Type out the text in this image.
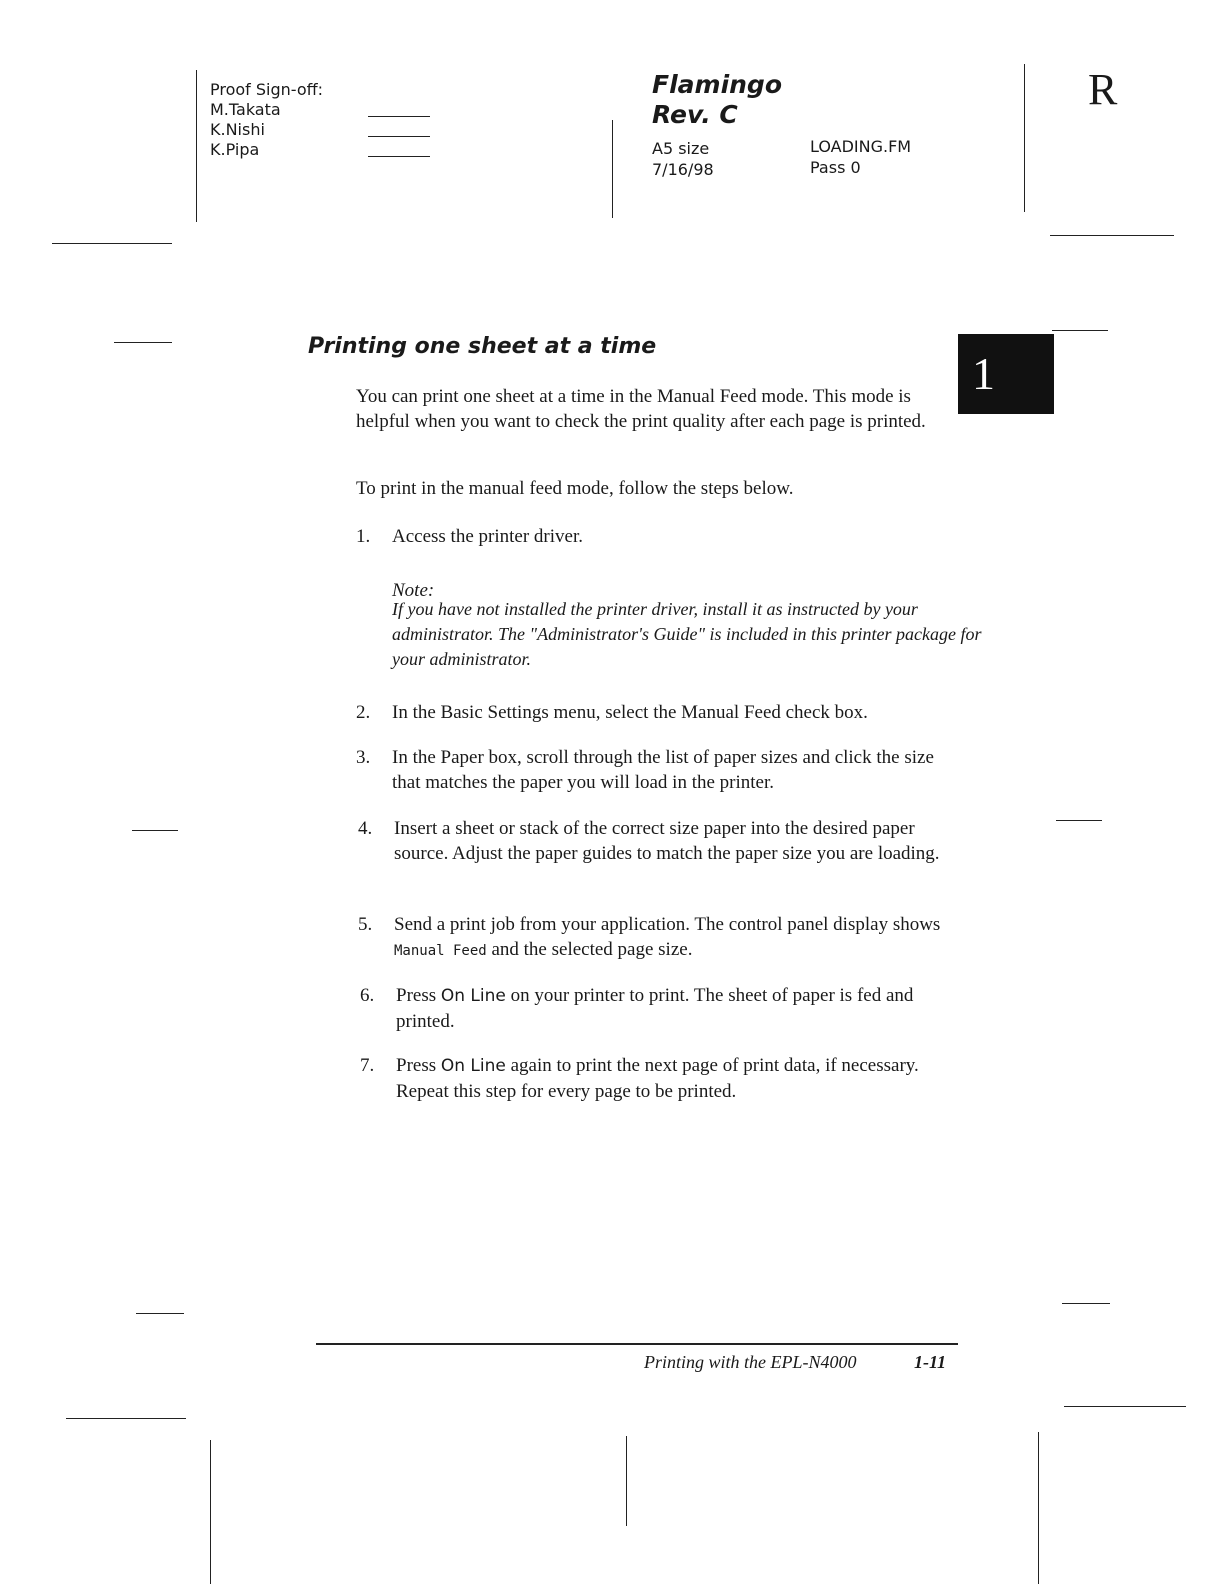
Proof Sign-off:
M.Takata
K.Nishi
K.Pipa
Flamingo
Rev. C
A5 size
7/16/98
LOADING.FM
Pass 0
R
1
Printing one sheet at a time
You can print one sheet at a time in the Manual Feed mode. This mode is helpful when you want to check the print quality after each page is printed.
To print in the manual feed mode, follow the steps below.
1. Access the printer driver.
Note:
If you have not installed the printer driver, install it as instructed by your administrator. The "Administrator's Guide" is included in this printer package for your administrator.
2. In the Basic Settings menu, select the Manual Feed check box.
3. In the Paper box, scroll through the list of paper sizes and click the size that matches the paper you will load in the printer.
4. Insert a sheet or stack of the correct size paper into the desired paper source. Adjust the paper guides to match the paper size you are loading.
5. Send a print job from your application. The control panel display shows Manual Feed and the selected page size.
6. Press On Line on your printer to print. The sheet of paper is fed and printed.
7. Press On Line again to print the next page of print data, if necessary. Repeat this step for every page to be printed.
Printing with the EPL-N4000	1-11
